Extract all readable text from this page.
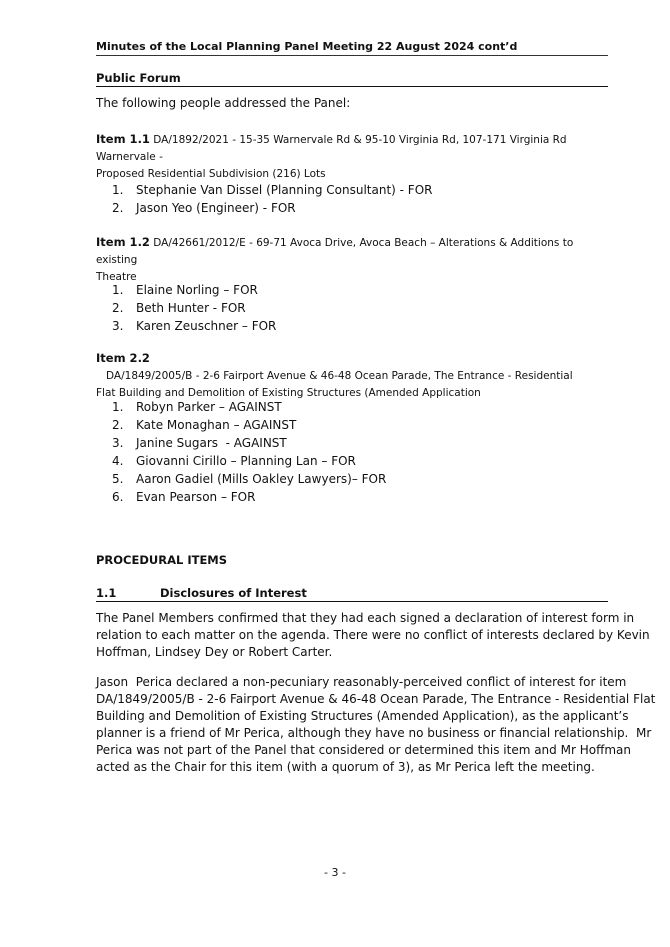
Minutes of the Local Planning Panel Meeting 22 August 2024 cont’d
Public Forum
The following people addressed the Panel:
Item 1.1 DA/1892/2021 - 15-35 Warnervale Rd & 95-10 Virginia Rd, 107-171 Virginia Rd Warnervale -
Proposed Residential Subdivision (216) Lots
1. Stephanie Van Dissel (Planning Consultant) - FOR
2. Jason Yeo (Engineer) - FOR
Item 1.2 DA/42661/2012/E - 69-71 Avoca Drive, Avoca Beach – Alterations & Additions to existing
Theatre
1. Elaine Norling – FOR
2. Beth Hunter - FOR
3. Karen Zeuschner – FOR
Item 2.2   DA/1849/2005/B - 2-6 Fairport Avenue & 46-48 Ocean Parade, The Entrance - Residential
Flat Building and Demolition of Existing Structures (Amended Application
1. Robyn Parker – AGAINST
2. Kate Monaghan – AGAINST
3. Janine Sugars  - AGAINST
4. Giovanni Cirillo – Planning Lan – FOR
5. Aaron Gadiel (Mills Oakley Lawyers)– FOR
6. Evan Pearson – FOR
PROCEDURAL ITEMS
1.1	Disclosures of Interest
The Panel Members confirmed that they had each signed a declaration of interest form in
relation to each matter on the agenda. There were no conflict of interests declared by Kevin
Hoffman, Lindsey Dey or Robert Carter.
Jason  Perica declared a non-pecuniary reasonably-perceived conflict of interest for item
DA/1849/2005/B - 2-6 Fairport Avenue & 46-48 Ocean Parade, The Entrance - Residential Flat
Building and Demolition of Existing Structures (Amended Application), as the applicant’s
planner is a friend of Mr Perica, although they have no business or financial relationship.  Mr
Perica was not part of the Panel that considered or determined this item and Mr Hoffman
acted as the Chair for this item (with a quorum of 3), as Mr Perica left the meeting.
- 3 -
